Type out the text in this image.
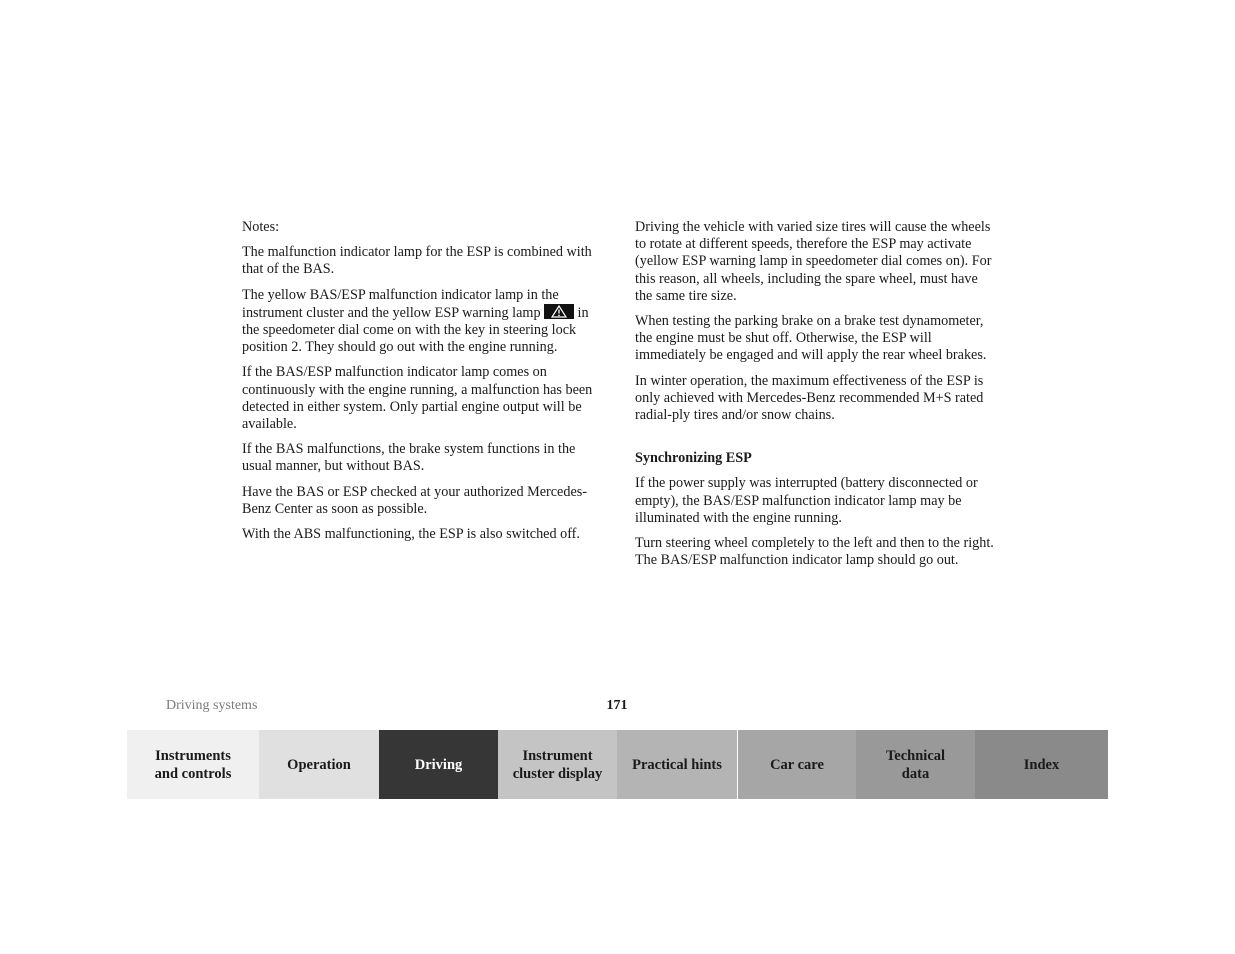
Notes:

The malfunction indicator lamp for the ESP is combined with that of the BAS.

The yellow BAS/ESP malfunction indicator lamp in the instrument cluster and the yellow ESP warning lamp	in the speedometer dial come on with the key in steering lock position 2. They should go out with the engine running.

If the BAS/ESP malfunction indicator lamp comes on continuously with the engine running, a malfunction has been detected in either system. Only partial engine output will be available.

If the BAS malfunctions, the brake system functions in the usual manner, but without BAS.

Have the BAS or ESP checked at your authorized Mercedes-Benz Center as soon as possible.

With the ABS malfunctioning, the ESP is also switched off.

Driving the vehicle with varied size tires will cause the wheels to rotate at different speeds, therefore the ESP may activate (yellow ESP warning lamp in speedometer dial comes on). For this reason, all wheels, including the spare wheel, must have the same tire size.

When testing the parking brake on a brake test dynamometer, the engine must be shut off. Otherwise, the ESP will immediately be engaged and will apply the rear wheel brakes.

In winter operation, the maximum effectiveness of the ESP is only achieved with Mercedes-Benz recommended M+S rated radial-ply tires and/or snow chains.

Synchronizing ESP

If the power supply was interrupted (battery disconnected or empty), the BAS/ESP malfunction indicator lamp may be illuminated with the engine running.

Turn steering wheel completely to the left and then to the right. The BAS/ESP malfunction indicator lamp should go out.

Driving systems	171
Instruments
and controls
Operation	Driving
Instrument
cluster display
Practical hints	Car care
Technical
data
Index
